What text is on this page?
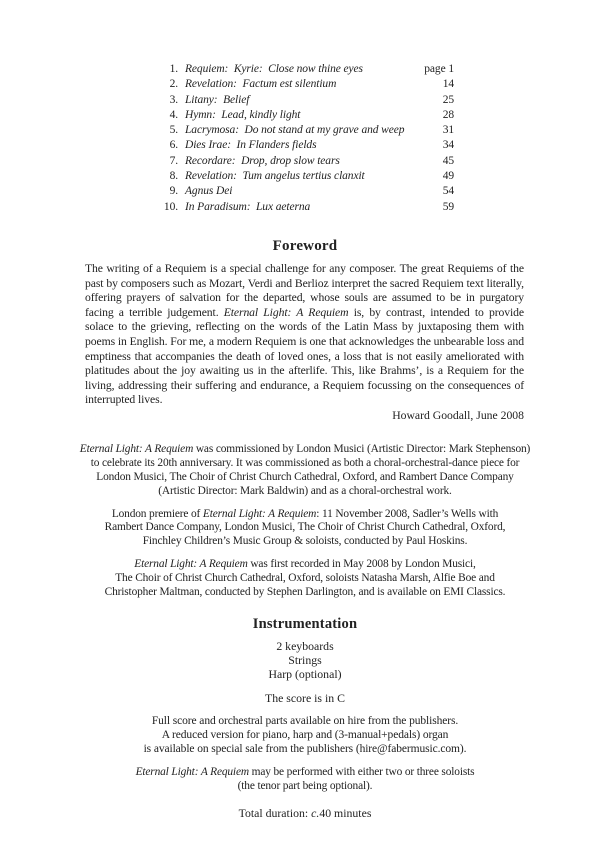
1. Requiem:  Kyrie:  Close now thine eyes	page 1
2. Revelation:  Factum est silentium	14
3. Litany:  Belief	25
4. Hymn:  Lead, kindly light	28
5. Lacrymosa:  Do not stand at my grave and weep	31
6. Dies Irae:  In Flanders fields	34
7. Recordare:  Drop, drop slow tears	45
8. Revelation:  Tum angelus tertius clanxit	49
9. Agnus Dei	54
10. In Paradisum:  Lux aeterna	59
Foreword
The writing of a Requiem is a special challenge for any composer. The great Requiems of the past by composers such as Mozart, Verdi and Berlioz interpret the sacred Requiem text literally, offering prayers of salvation for the departed, whose souls are assumed to be in purgatory facing a terrible judgement. Eternal Light: A Requiem is, by contrast, intended to provide solace to the grieving, reflecting on the words of the Latin Mass by juxtaposing them with poems in English. For me, a modern Requiem is one that acknowledges the unbearable loss and emptiness that accompanies the death of loved ones, a loss that is not easily ameliorated with platitudes about the joy awaiting us in the afterlife. This, like Brahms’, is a Requiem for the living, addressing their suffering and endurance, a Requiem focussing on the consequences of interrupted lives.
Howard Goodall, June 2008
Eternal Light: A Requiem was commissioned by London Musici (Artistic Director: Mark Stephenson)
to celebrate its 20th anniversary. It was commissioned as both a choral-orchestral-dance piece for
London Musici, The Choir of Christ Church Cathedral, Oxford, and Rambert Dance Company
(Artistic Director: Mark Baldwin) and as a choral-orchestral work.
London premiere of Eternal Light: A Requiem: 11 November 2008, Sadler’s Wells with
Rambert Dance Company, London Musici, The Choir of Christ Church Cathedral, Oxford,
Finchley Children’s Music Group & soloists, conducted by Paul Hoskins.
Eternal Light: A Requiem was first recorded in May 2008 by London Musici,
The Choir of Christ Church Cathedral, Oxford, soloists Natasha Marsh, Alfie Boe and
Christopher Maltman, conducted by Stephen Darlington, and is available on EMI Classics.
Instrumentation
2 keyboards
Strings
Harp (optional)
The score is in C
Full score and orchestral parts available on hire from the publishers.
A reduced version for piano, harp and (3-manual+pedals) organ
is available on special sale from the publishers (hire@fabermusic.com).
Eternal Light: A Requiem may be performed with either two or three soloists
(the tenor part being optional).
Total duration: c.40 minutes
